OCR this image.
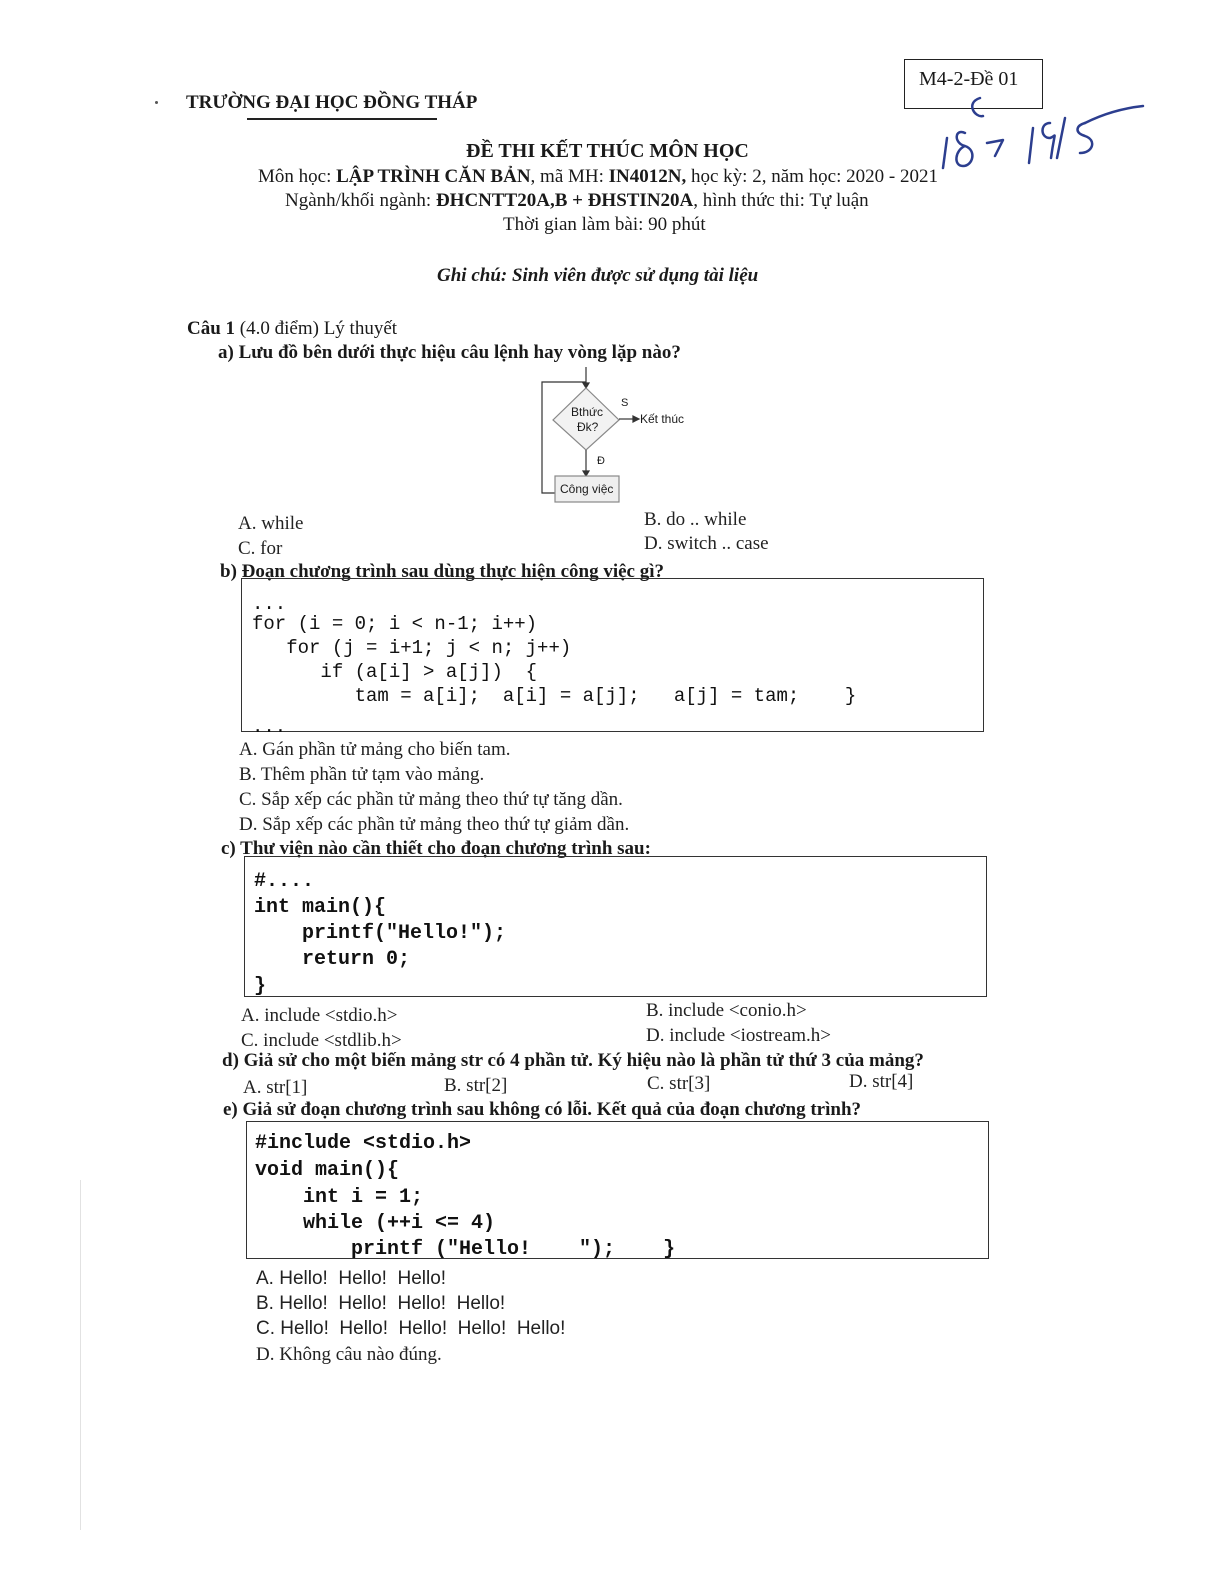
M4-2-Đề 01
TRƯỜNG ĐẠI HỌC ĐỒNG THÁP
ĐỀ THI KẾT THÚC MÔN HỌC
Môn học: LẬP TRÌNH CĂN BẢN, mã MH: IN4012N, học kỳ: 2, năm học: 2020 - 2021
Ngành/khối ngành: ĐHCNTT20A,B + ĐHSTIN20A, hình thức thi: Tự luận
Thời gian làm bài: 90 phút
Ghi chú: Sinh viên được sử dụng tài liệu
Câu 1 (4.0 điểm) Lý thuyết
a) Lưu đồ bên dưới thực hiệu câu lệnh hay vòng lặp nào?
Bthức
Đk?
S
Kết thúc
Đ
Công việc
A. while	B. do .. while
C. for	D. switch .. case
b) Đoạn chương trình sau dùng thực hiện công việc gì?
...
for (i = 0; i < n-1; i++)
for (j = i+1; j < n; j++)
if (a[i] > a[j])  {
tam = a[i];  a[i] = a[j];   a[j] = tam;    }
...
A. Gán phần tử mảng cho biến tam.
B. Thêm phần tử tạm vào mảng.
C. Sắp xếp các phần tử mảng theo thứ tự tăng dần.
D. Sắp xếp các phần tử mảng theo thứ tự giảm dần.
c) Thư viện nào cần thiết cho đoạn chương trình sau:
#....
int main(){
printf("Hello!");
return 0;
}
A. include <stdio.h>	B. include <conio.h>
C. include <stdlib.h>	D. include <iostream.h>
d) Giả sử cho một biến mảng str có 4 phần tử. Ký hiệu nào là phần tử thứ 3 của mảng?
A. str[1]	B. str[2]	C. str[3]	D. str[4]
e) Giả sử đoạn chương trình sau không có lỗi. Kết quả của đoạn chương trình?
#include <stdio.h>
void main(){
int i = 1;
while (++i <= 4)
printf ("Hello!    ");    }
A. Hello!  Hello!  Hello!
B. Hello!  Hello!  Hello!  Hello!
C. Hello!  Hello!  Hello!  Hello!  Hello!
D. Không câu nào đúng.
